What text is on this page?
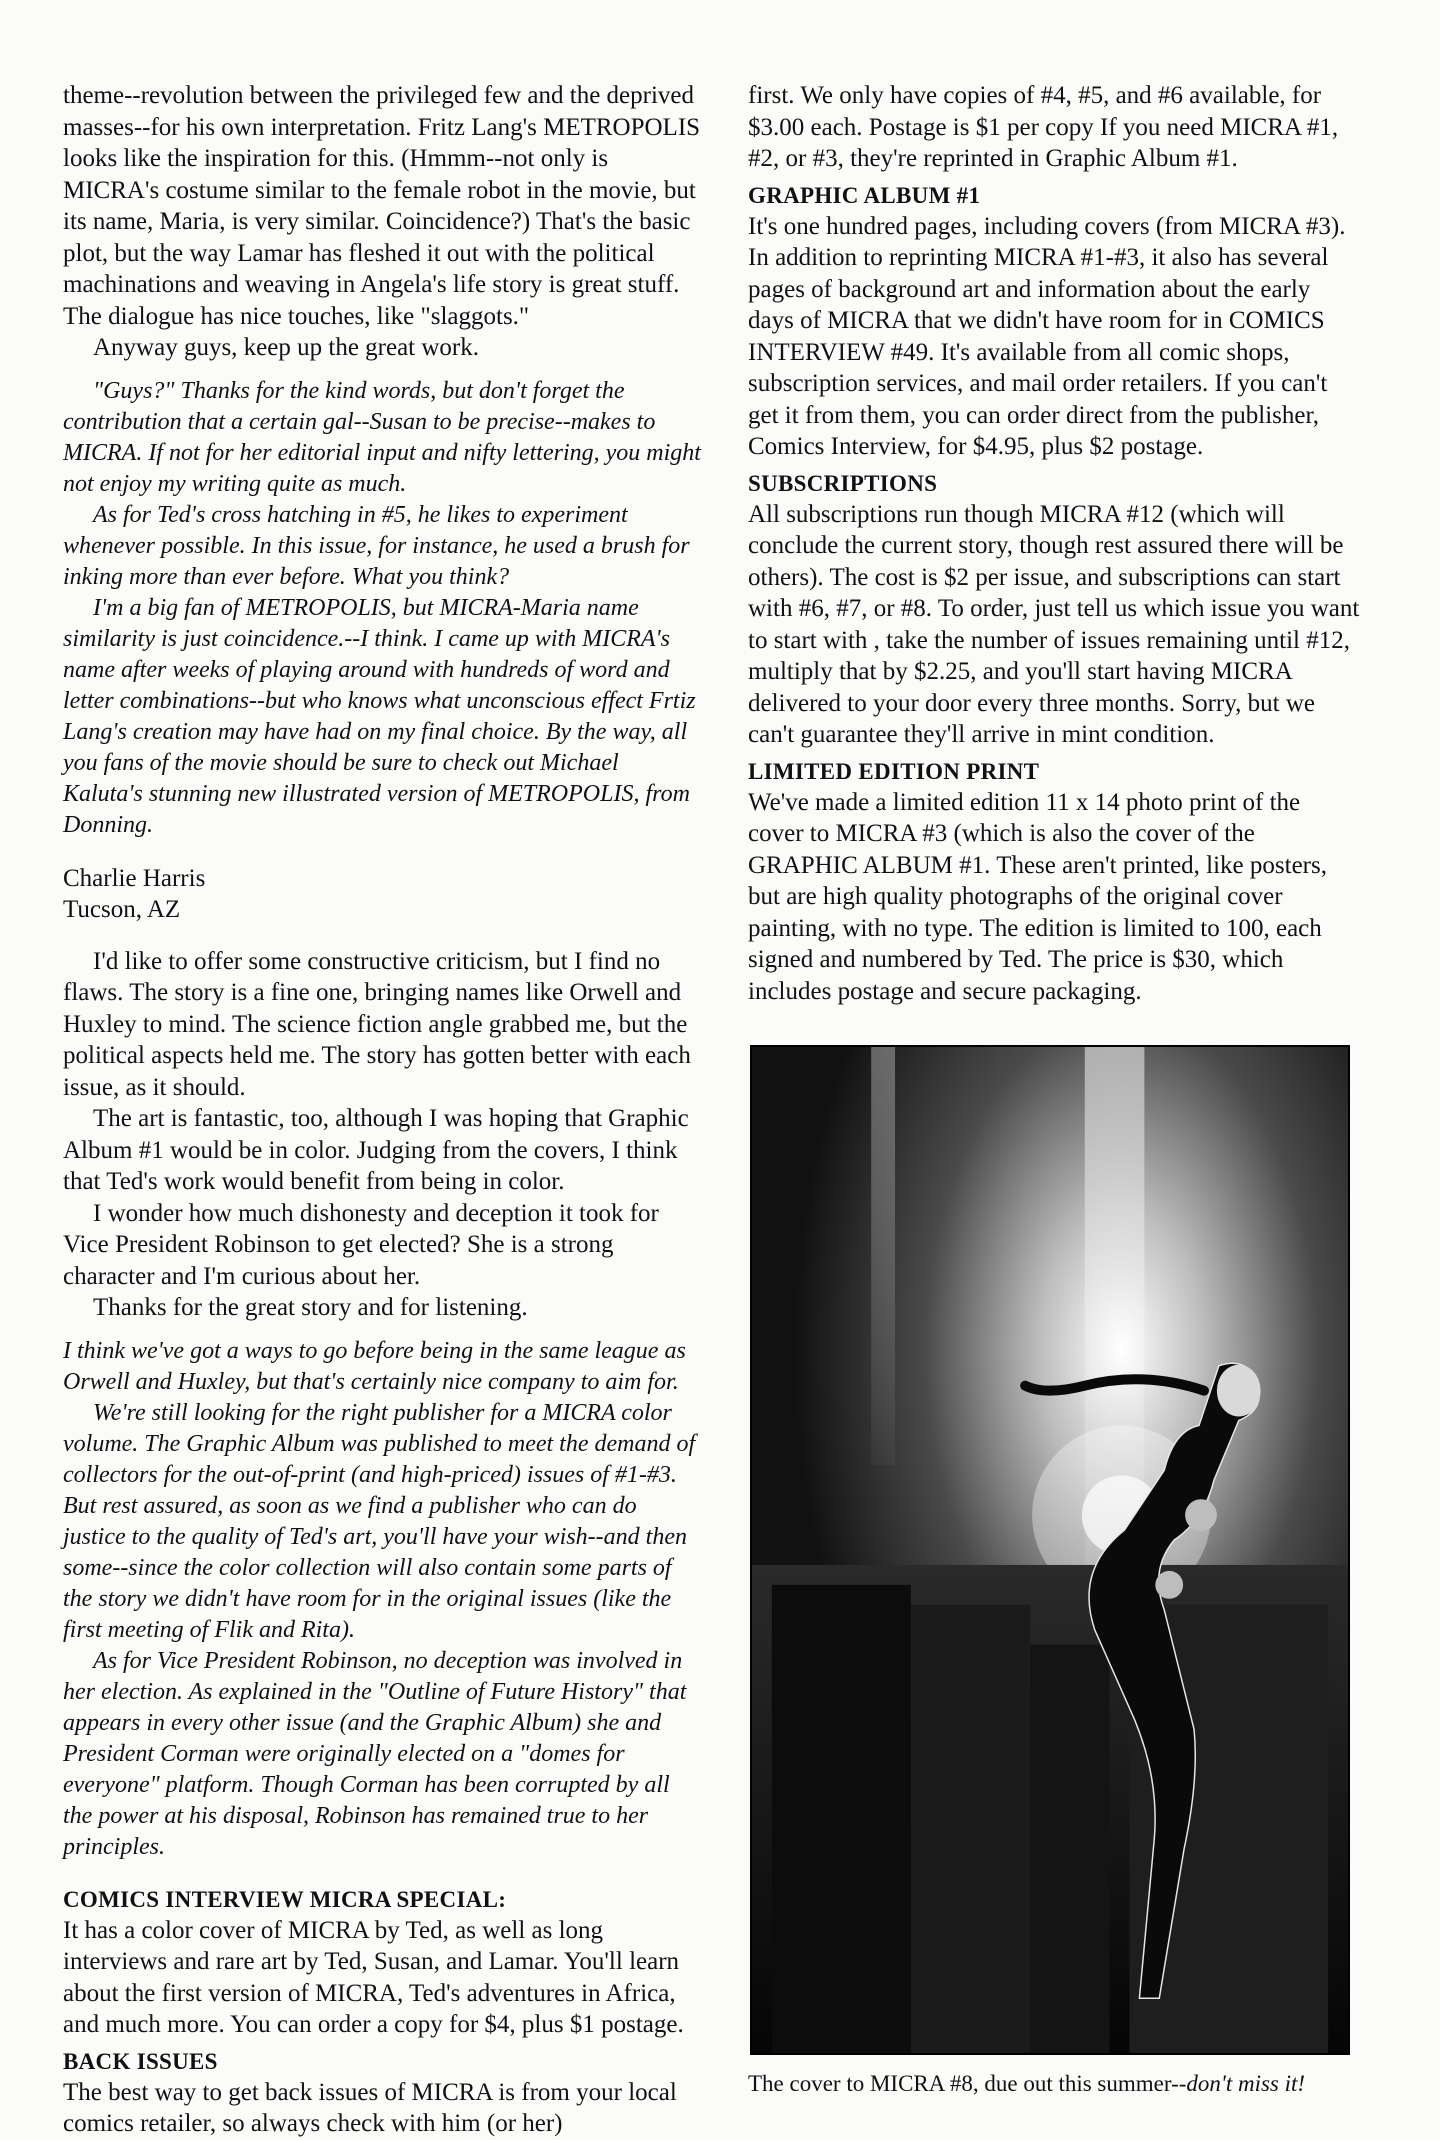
theme--revolution between the privileged few and the deprived masses--for his own interpretation. Fritz Lang's METROPOLIS looks like the inspiration for this. (Hmmm--not only is MICRA's costume similar to the female robot in the movie, but its name, Maria, is very similar. Coincidence?) That's the basic plot, but the way Lamar has fleshed it out with the political machinations and weaving in Angela's life story is great stuff. The dialogue has nice touches, like "slaggots."

Anyway guys, keep up the great work.

"Guys?" Thanks for the kind words, but don't forget the contribution that a certain gal--Susan to be precise--makes to MICRA. If not for her editorial input and nifty lettering, you might not enjoy my writing quite as much.

As for Ted's cross hatching in #5, he likes to experiment whenever possible. In this issue, for instance, he used a brush for inking more than ever before. What you think?

I'm a big fan of METROPOLIS, but MICRA-Maria name similarity is just coincidence.--I think. I came up with MICRA's name after weeks of playing around with hundreds of word and letter combinations--but who knows what unconscious effect Frtiz Lang's creation may have had on my final choice. By the way, all you fans of the movie should be sure to check out Michael Kaluta's stunning new illustrated version of METROPOLIS, from Donning.

Charlie Harris

Tucson, AZ

I'd like to offer some constructive criticism, but I find no flaws. The story is a fine one, bringing names like Orwell and Huxley to mind. The science fiction angle grabbed me, but the political aspects held me. The story has gotten better with each issue, as it should.

The art is fantastic, too, although I was hoping that Graphic Album #1 would be in color. Judging from the covers, I think that Ted's work would benefit from being in color.

I wonder how much dishonesty and deception it took for Vice President Robinson to get elected? She is a strong character and I'm curious about her.

Thanks for the great story and for listening.

I think we've got a ways to go before being in the same league as Orwell and Huxley, but that's certainly nice company to aim for.

We're still looking for the right publisher for a MICRA color volume. The Graphic Album was published to meet the demand of collectors for the out-of-print (and high-priced) issues of #1-#3. But rest assured, as soon as we find a publisher who can do justice to the quality of Ted's art, you'll have your wish--and then some--since the color collection will also contain some parts of the story we didn't have room for in the original issues (like the first meeting of Flik and Rita).

As for Vice President Robinson, no deception was involved in her election. As explained in the "Outline of Future History" that appears in every other issue (and the Graphic Album) she and President Corman were originally elected on a "domes for everyone" platform. Though Corman has been corrupted by all the power at his disposal, Robinson has remained true to her principles.

COMICS INTERVIEW MICRA SPECIAL:

It has a color cover of MICRA by Ted, as well as long interviews and rare art by Ted, Susan, and Lamar. You'll learn about the first version of MICRA, Ted's adventures in Africa, and much more. You can order a copy for $4, plus $1 postage.

BACK ISSUES

The best way to get back issues of MICRA is from your local comics retailer, so always check with him (or her)

first. We only have copies of #4, #5, and #6 available, for $3.00 each. Postage is $1 per copy If you need MICRA #1, #2, or #3, they're reprinted in Graphic Album #1.

GRAPHIC ALBUM #1

It's one hundred pages, including covers (from MICRA #3). In addition to reprinting MICRA #1-#3, it also has several pages of background art and information about the early days of MICRA that we didn't have room for in COMICS INTERVIEW #49. It's available from all comic shops, subscription services, and mail order retailers. If you can't get it from them, you can order direct from the publisher, Comics Interview, for $4.95, plus $2 postage.

SUBSCRIPTIONS

All subscriptions run though MICRA #12 (which will conclude the current story, though rest assured there will be others). The cost is $2 per issue, and subscriptions can start with #6, #7, or #8. To order, just tell us which issue you want to start with , take the number of issues remaining until #12, multiply that by $2.25, and you'll start having MICRA delivered to your door every three months. Sorry, but we can't guarantee they'll arrive in mint condition.

LIMITED EDITION PRINT

We've made a limited edition 11 x 14 photo print of the cover to MICRA #3 (which is also the cover of the GRAPHIC ALBUM #1. These aren't printed, like posters, but are high quality photographs of the original cover painting, with no type. The edition is limited to 100, each signed and numbered by Ted. The price is $30, which includes postage and secure packaging.

The cover to MICRA #8, due out this summer--don't miss it!
